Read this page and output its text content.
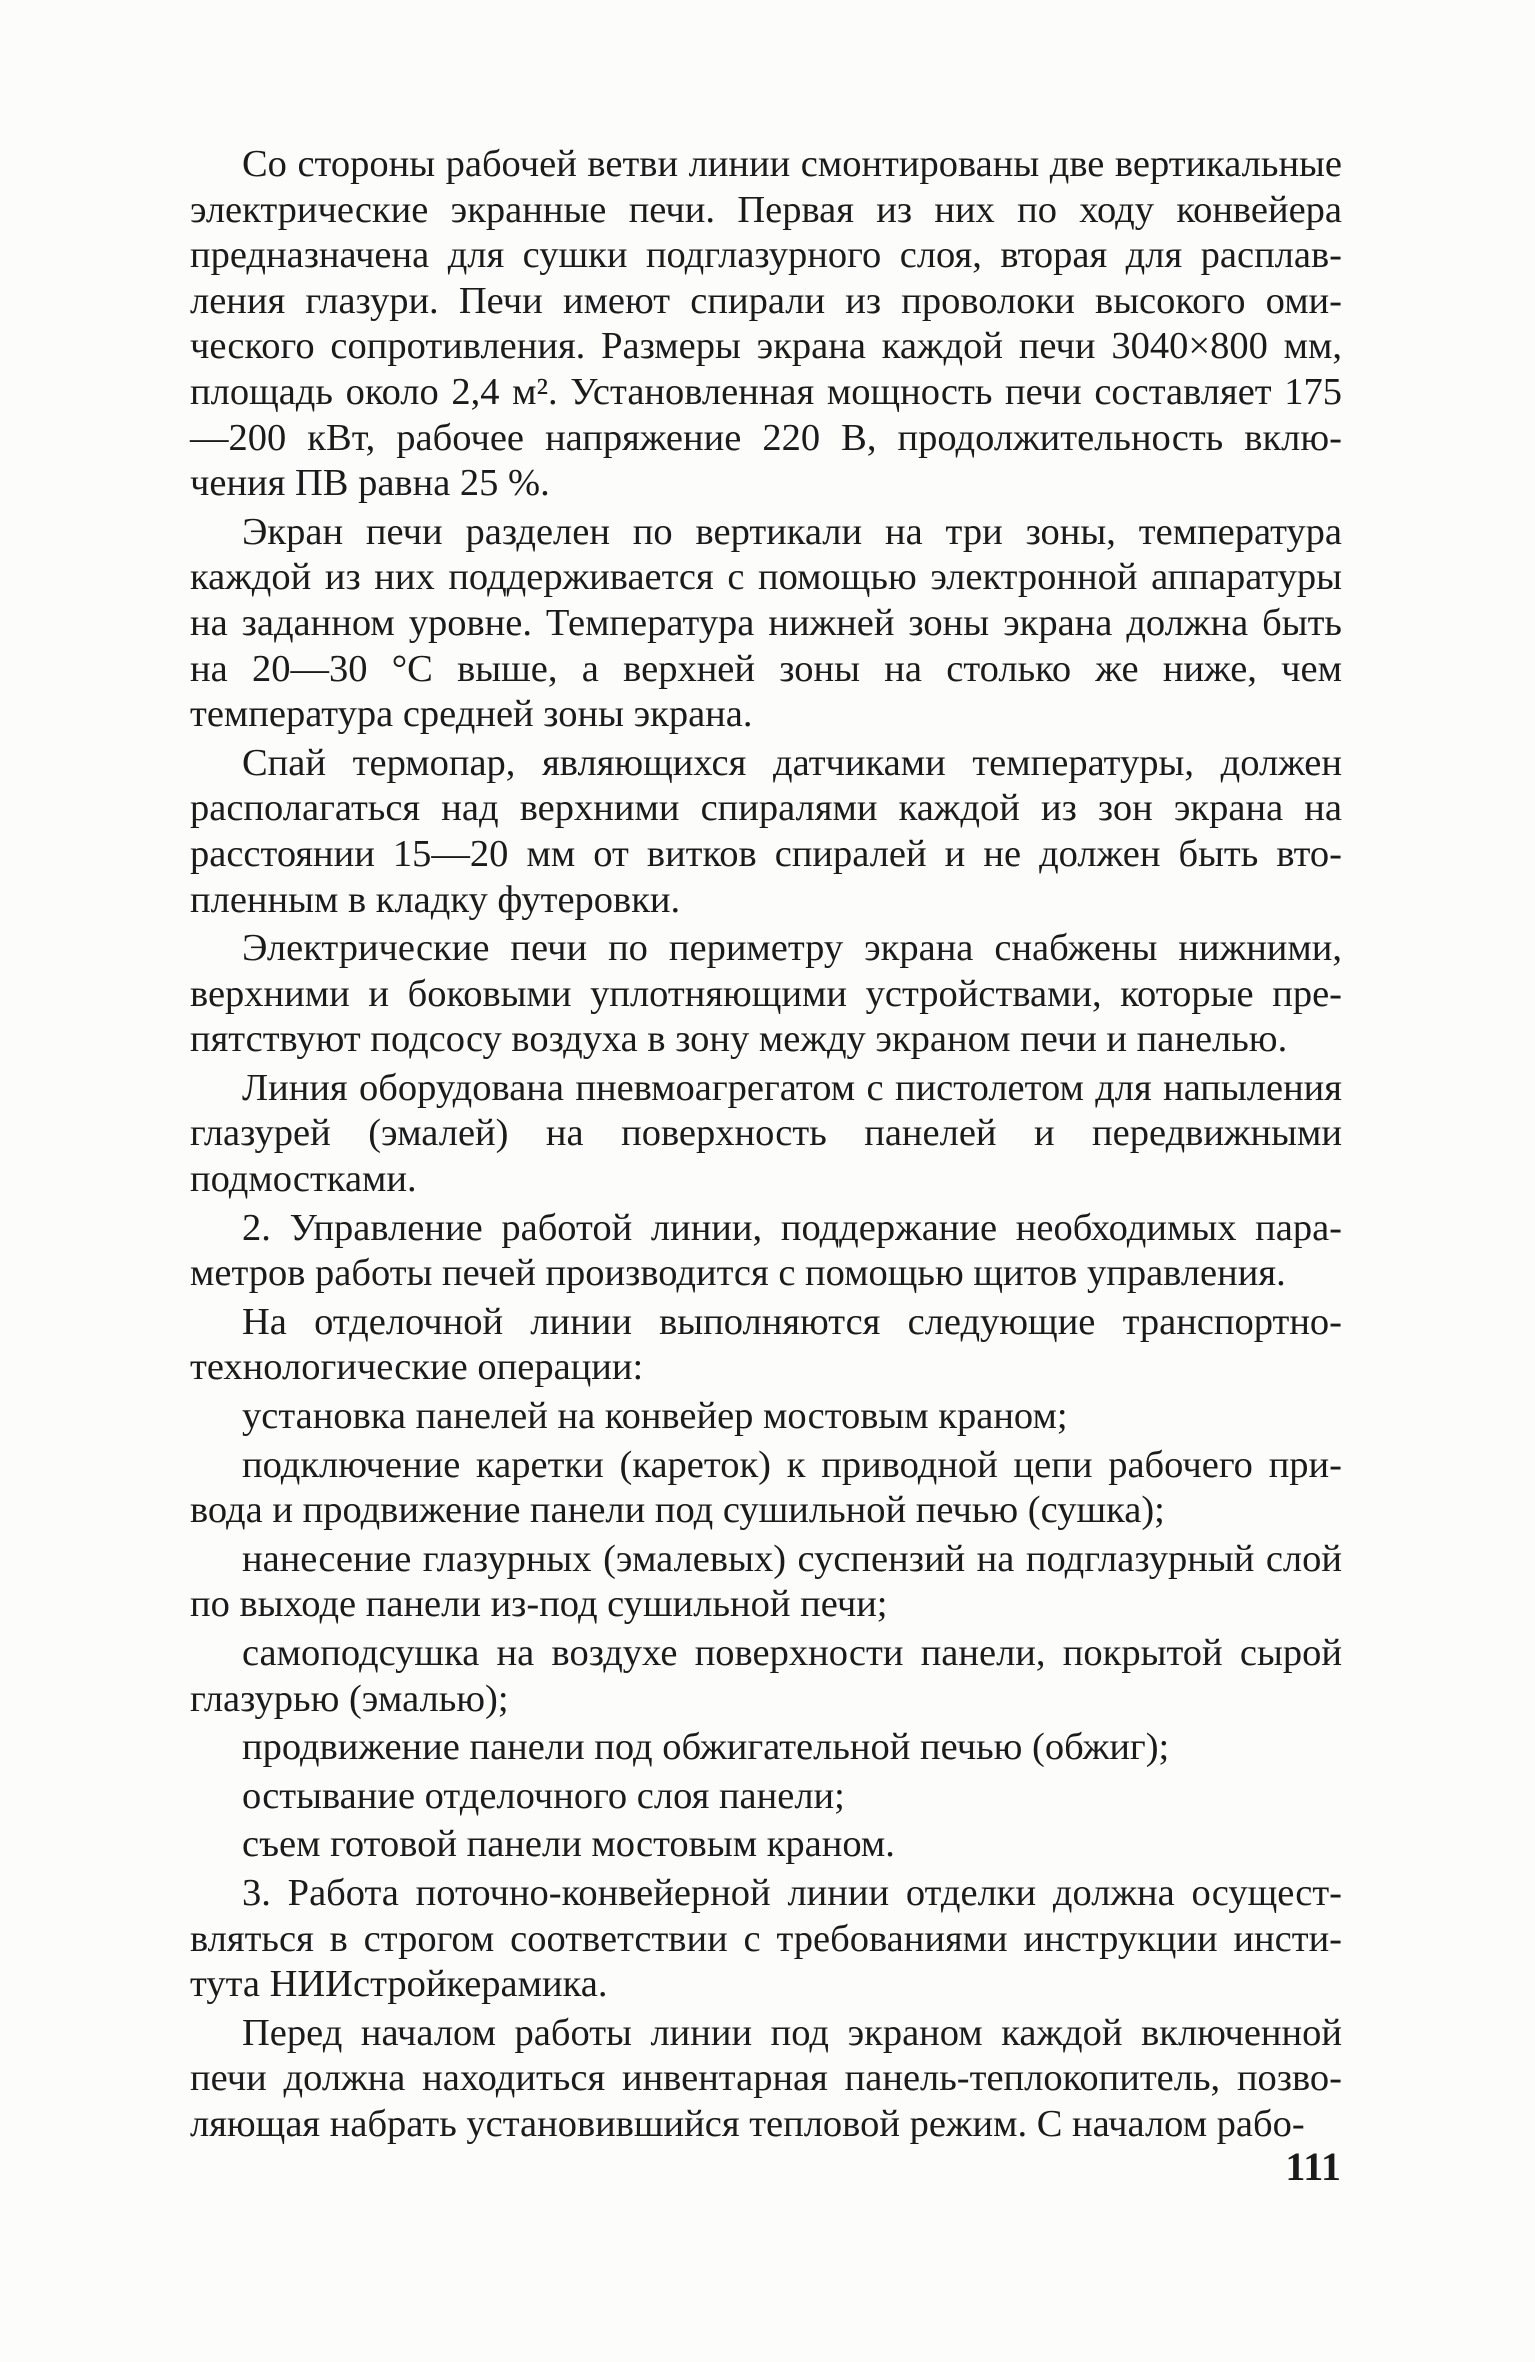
Со стороны рабочей ветви линии смонтированы две вертикальные электрические экранные печи. Первая из них по ходу конвейера предназначена для сушки подглазурного слоя, вторая для расплавления глазури. Печи имеют спирали из проволоки высокого омического сопротивления. Размеры экрана каждой печи 3040×800 мм, площадь около 2,4 м². Установленная мощность печи составляет 175—200 кВт, рабочее напряжение 220 В, продолжительность включения ПВ равна 25 %.

Экран печи разделен по вертикали на три зоны, температура каждой из них поддерживается с помощью электронной аппаратуры на заданном уровне. Температура нижней зоны экрана должна быть на 20—30 °С выше, а верхней зоны на столько же ниже, чем температура средней зоны экрана.

Спай термопар, являющихся датчиками температуры, должен располагаться над верхними спиралями каждой из зон экрана на расстоянии 15—20 мм от витков спиралей и не должен быть втопленным в кладку футеровки.

Электрические печи по периметру экрана снабжены нижними, верхними и боковыми уплотняющими устройствами, которые препятствуют подсосу воздуха в зону между экраном печи и панелью.

Линия оборудована пневмоагрегатом с пистолетом для напыления глазурей (эмалей) на поверхность панелей и передвижными подмостками.

2. Управление работой линии, поддержание необходимых параметров работы печей производится с помощью щитов управления.

На отделочной линии выполняются следующие транспортно-технологические операции:

установка панелей на конвейер мостовым краном;

подключение каретки (кареток) к приводной цепи рабочего привода и продвижение панели под сушильной печью (сушка);

нанесение глазурных (эмалевых) суспензий на подглазурный слой по выходе панели из-под сушильной печи;

самоподсушка на воздухе поверхности панели, покрытой сырой глазурью (эмалью);

продвижение панели под обжигательной печью (обжиг);

остывание отделочного слоя панели;

съем готовой панели мостовым краном.

3. Работа поточно-конвейерной линии отделки должна осуществляться в строгом соответствии с требованиями инструкции института НИИстройкерамика.

Перед началом работы линии под экраном каждой включенной печи должна находиться инвентарная панель-теплокопитель, позволяющая набрать установившийся тепловой режим. С началом рабо-

111
